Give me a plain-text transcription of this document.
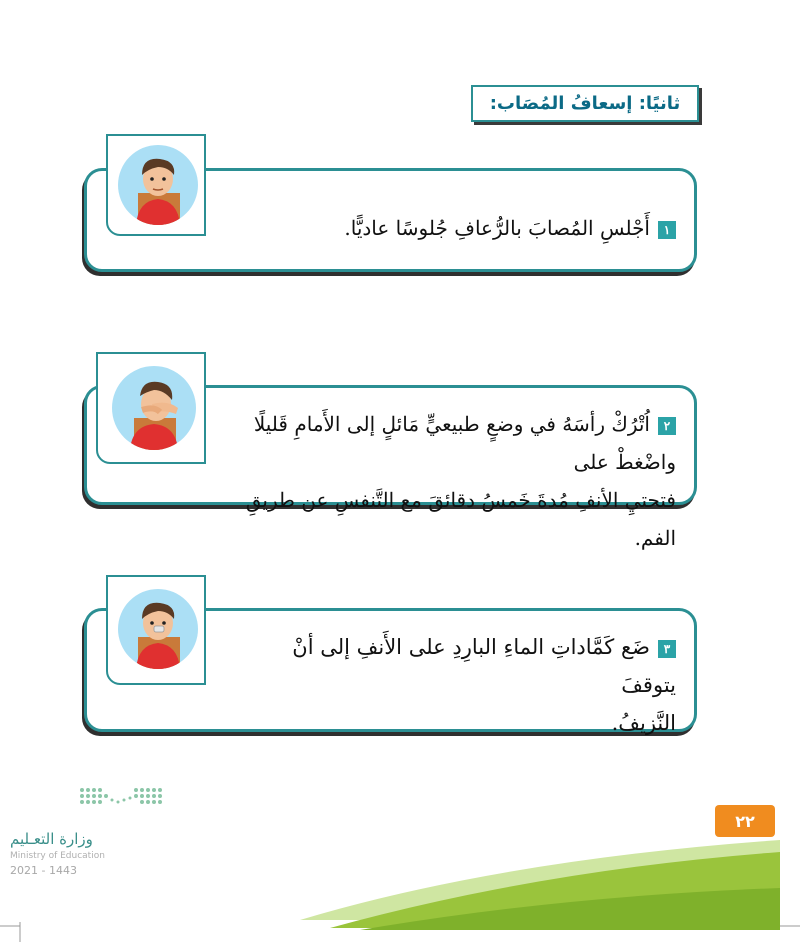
ثانيًا: إسعافُ المُصَاب:
١أَجْلسِ المُصابَ بالرُّعافِ جُلوسًا عاديًّا.
٢اُتْرُكْ رأسَهُ في وضعٍ طبيعيٍّ مَائلٍ إلى الأَمامِ قَليلًا واضْغطْ على
فتحتيِ الأنفِ مُدةَ خَمسُ دقائقَ مع التَّنفسِ عن طريقِ الفم.
٣ضَع كَمَّاداتِ الماءِ البارِدِ على الأَنفِ إلى أنْ يتوقفَ
النَّزيفُ.
وزارة التعـليم
Ministry of Education
2021 - 1443
٢٢
